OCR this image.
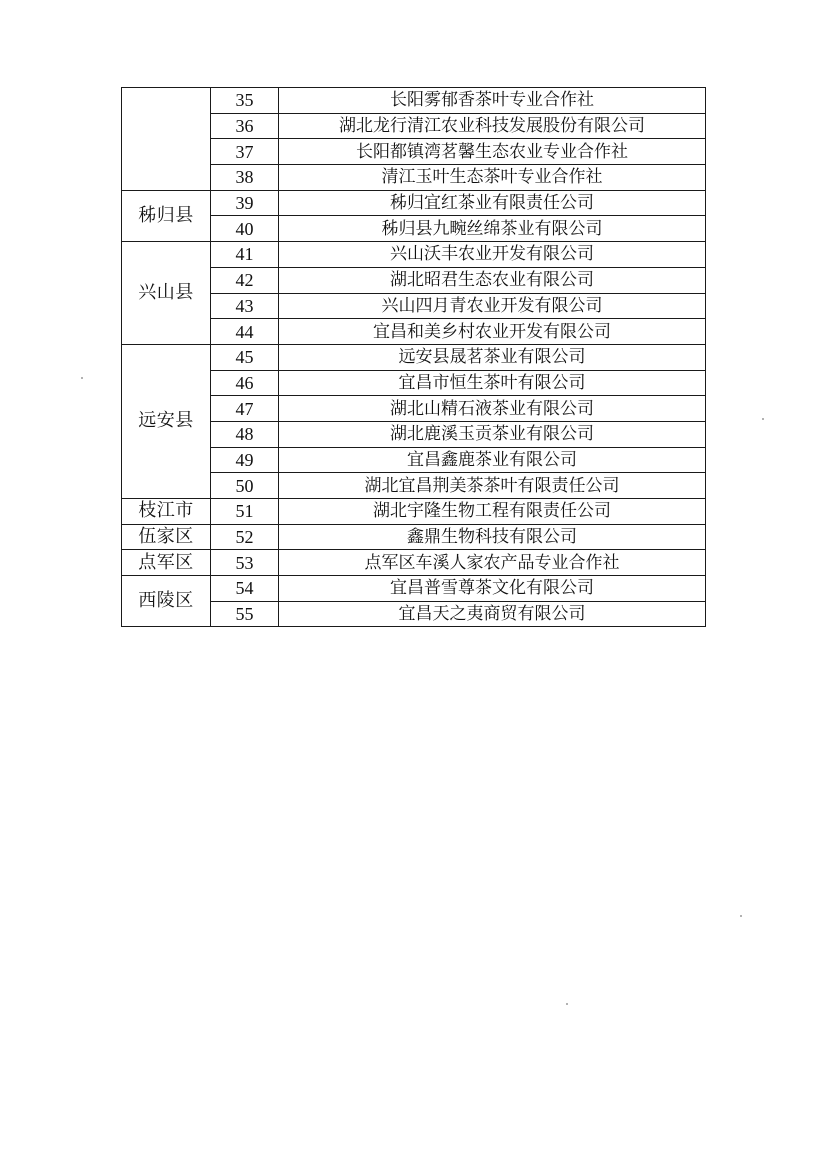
	35	长阳雾郁香茶叶专业合作社
	36	湖北龙行清江农业科技发展股份有限公司
	37	长阳都镇湾茗馨生态农业专业合作社
	38	清江玉叶生态茶叶专业合作社
秭归县	39	秭归宜红茶业有限责任公司
	40	秭归县九畹丝绵茶业有限公司
兴山县	41	兴山沃丰农业开发有限公司
	42	湖北昭君生态农业有限公司
	43	兴山四月青农业开发有限公司
	44	宜昌和美乡村农业开发有限公司
远安县	45	远安县晟茗茶业有限公司
	46	宜昌市恒生茶叶有限公司
	47	湖北山精石液茶业有限公司
	48	湖北鹿溪玉贡茶业有限公司
	49	宜昌鑫鹿茶业有限公司
	50	湖北宜昌荆美茶茶叶有限责任公司
枝江市	51	湖北宇隆生物工程有限责任公司
伍家区	52	鑫鼎生物科技有限公司
点军区	53	点军区车溪人家农产品专业合作社
西陵区	54	宜昌普雪尊茶文化有限公司
	55	宜昌天之夷商贸有限公司
